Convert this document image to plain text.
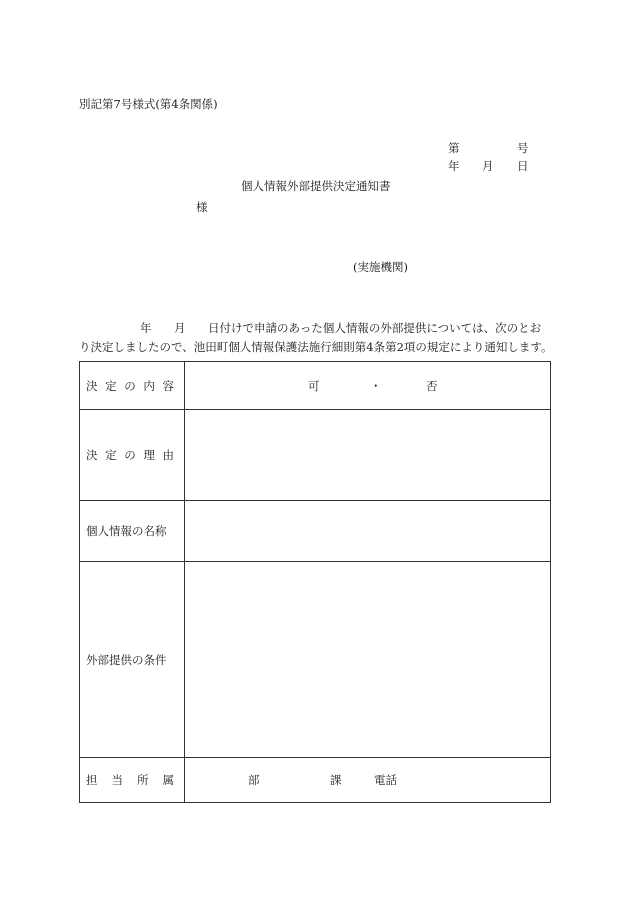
別記第7号様式(第4条関係)
第	号
年 月 日
個人情報外部提供決定通知書
様
(実施機関)
年 月 日付けで申請のあった個人情報の外部提供については、次のとお
り決定しましたので、池田町個人情報保護法施行細則第4条第2項の規定により通知します。
決 定 の 内 容	可 ・ 否

決 定 の 理 由	

個人情報の名称	
外部提供の条件	

担 当 所 属	部 課 電話
